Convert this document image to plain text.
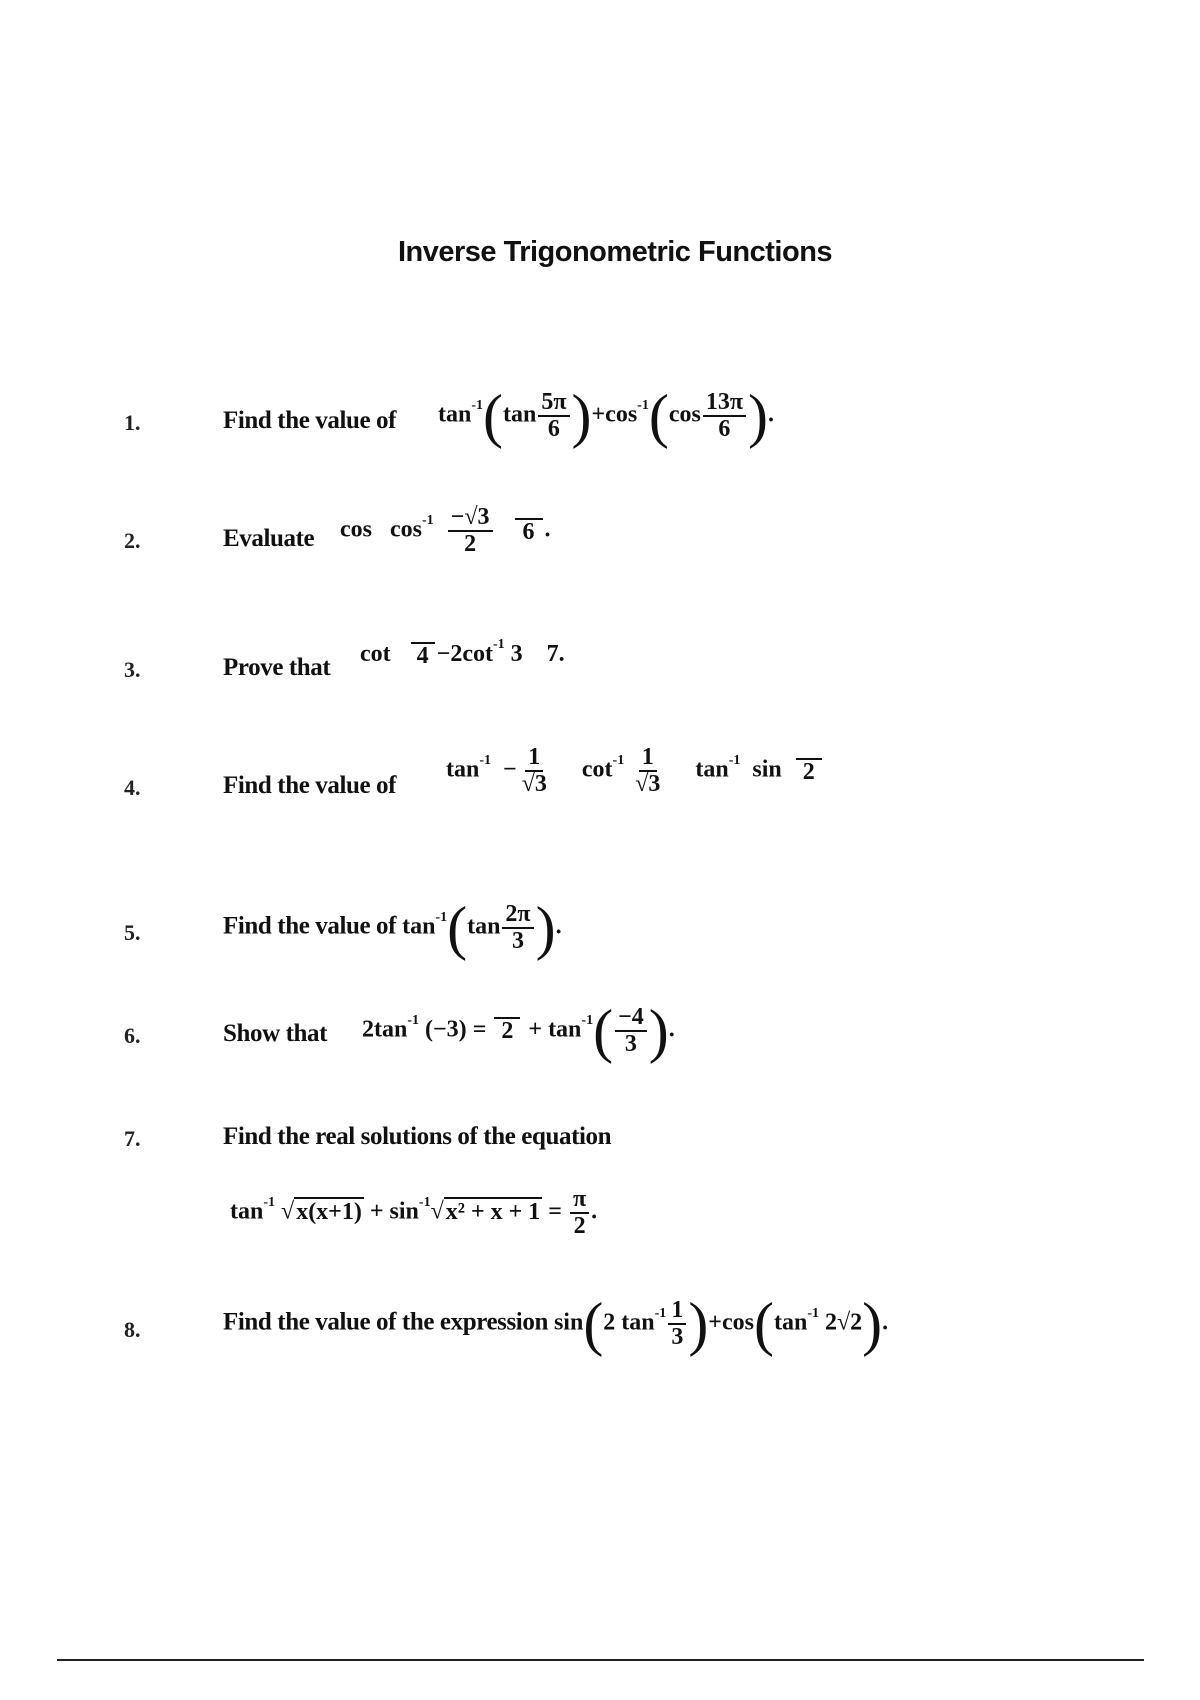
Inverse Trigonometric Functions
1.	Find the value of $\tan^{-1}(\tan \frac{5\pi}{6} )+\cos^{-1}(\cos \frac{13\pi}{6}$ ).
2.	Evaluate $\cos \cos^{-1} \frac{-√3}{2}$
6 .
3.	Prove that $\cot 4 -2\cot^{-1}$ 3 7.
4.	Find the value of
$\tan^{-1} - \frac{1}{√3} \cot^{-1} \frac{1}{√3} \tan^{-1} \sin 2$
5.	Find the value of $\tan^{-1}(\tan \frac{2\pi}{3}$ ).
6.	Show that $2\tan^{-1}$ $(-3) = 2 + \tan^{-1}( \frac{-4}{3}$ ).
7.	Find the real solutions of the equation
$\tan^{-1} √x(x+1) + \sin^{-1}√x^2 + x + 1 = \frac{\pi}{2}$ .
8.	Find the value of the expression sin(2 $\tan^{-1} \frac{1}{3} )+\cos(\tan^{-1}$ 2√2).
